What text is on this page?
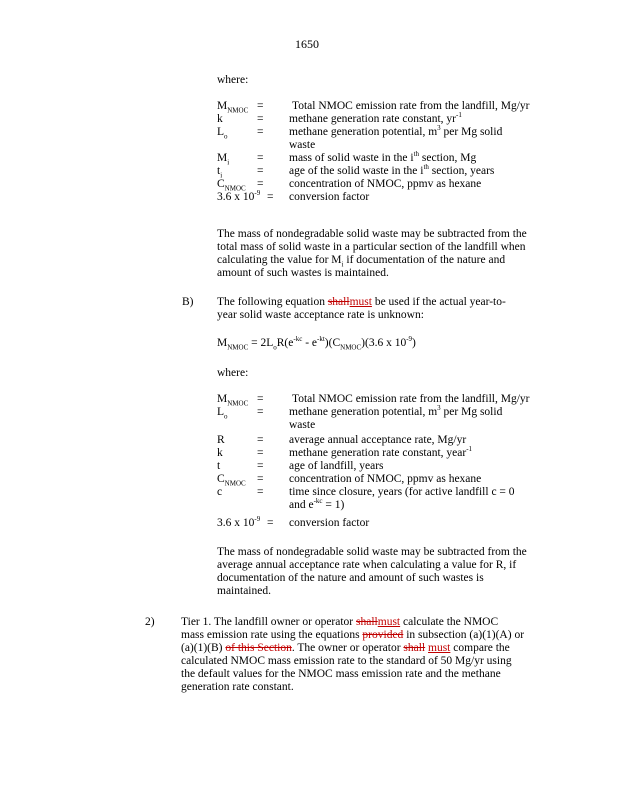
1650
where:
$M_{NMOC}$ = Total NMOC emission rate from the landfill, Mg/yr
k	= methane generation rate constant, $yr^{-1}$
$L_o$	= methane generation potential, $m^3$ per Mg solid
waste
$M_i$ = mass of solid waste in the $i^{th}$ section, Mg
$t_i$	= age of the solid waste in the $i^{th}$ section, years
$C_{NMOC}$ = concentration of NMOC, ppmv as hexane
3.6 x $10^{-9}$ = conversion factor
The mass of nondegradable solid waste may be subtracted from the
total mass of solid waste in a particular section of the landfill when
calculating the value for $M_i$ if documentation of the nature and
amount of such wastes is maintained.
B) The following equation shallmust be used if the actual year-to-
year solid waste acceptance rate is unknown:
$M_{NMOC} = 2L_oR(e^{-kc} - e^{-kt})(C_{NMOC})(3.6$ x $10^{-9}$)
where:
$M_{NMOC}$ = Total NMOC emission rate from the landfill, Mg/yr
$L_o$	= methane generation potential, $m^3$ per Mg solid
waste
R	= average annual acceptance rate, Mg/yr
k	= methane generation rate constant, year$^{-1}$
t	= age of landfill, years
$C_{NMOC}$ = concentration of NMOC, ppmv as hexane
c	= time since closure, years (for active landfill c = 0
and $e^{-kc} = 1$)
3.6 x $10^{-9}$ = conversion factor
The mass of nondegradable solid waste may be subtracted from the
average annual acceptance rate when calculating a value for R, if
documentation of the nature and amount of such wastes is
maintained.
2) Tier 1. The landfill owner or operator shallmust calculate the NMOC
mass emission rate using the equations provided in subsection (a)(1)(A) or
(a)(1)(B) of this Section. The owner or operator shall must compare the
calculated NMOC mass emission rate to the standard of 50 Mg/yr using
the default values for the NMOC mass emission rate and the methane
generation rate constant.
